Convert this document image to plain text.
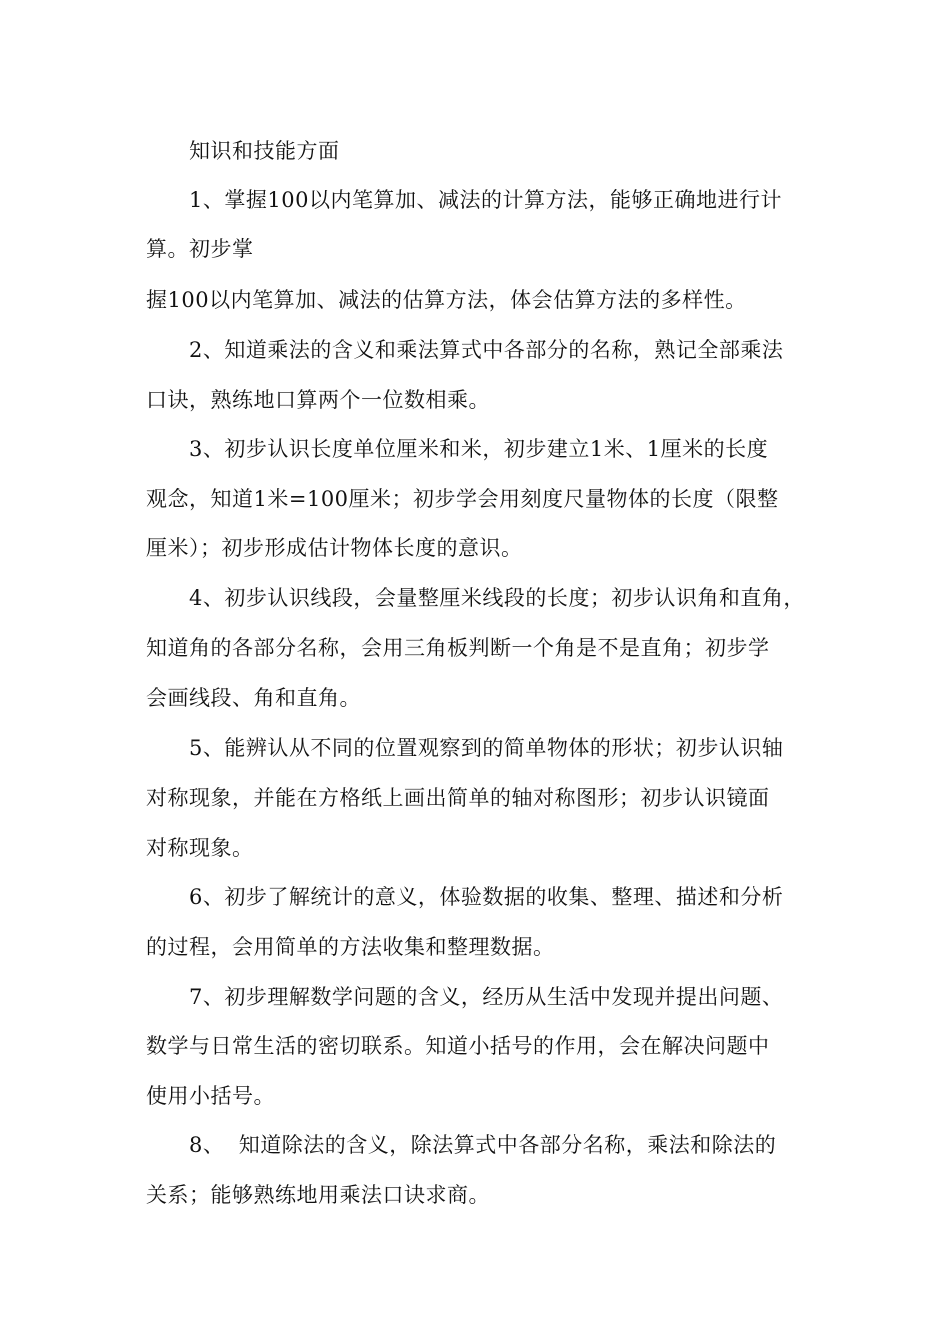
知识和技能方面
1、掌握100以内笔算加、减法的计算方法，能够正确地进行计
算。初步掌
握100以内笔算加、减法的估算方法，体会估算方法的多样性。
2、知道乘法的含义和乘法算式中各部分的名称，熟记全部乘法
口诀，熟练地口算两个一位数相乘。
3、初步认识长度单位厘米和米，初步建立1米、1厘米的长度
观念，知道1米=100厘米；初步学会用刻度尺量物体的长度（限整
厘米）；初步形成估计物体长度的意识。
4、初步认识线段，会量整厘米线段的长度；初步认识角和直角，
知道角的各部分名称，会用三角板判断一个角是不是直角；初步学
会画线段、角和直角。
5、能辨认从不同的位置观察到的简单物体的形状；初步认识轴
对称现象，并能在方格纸上画出简单的轴对称图形；初步认识镜面
对称现象。
6、初步了解统计的意义，体验数据的收集、整理、描述和分析
的过程，会用简单的方法收集和整理数据。
7、初步理解数学问题的含义，经历从生活中发现并提出问题、
数学与日常生活的密切联系。知道小括号的作用，会在解决问题中
使用小括号。
8、  知道除法的含义，除法算式中各部分名称，乘法和除法的
关系；能够熟练地用乘法口诀求商。
